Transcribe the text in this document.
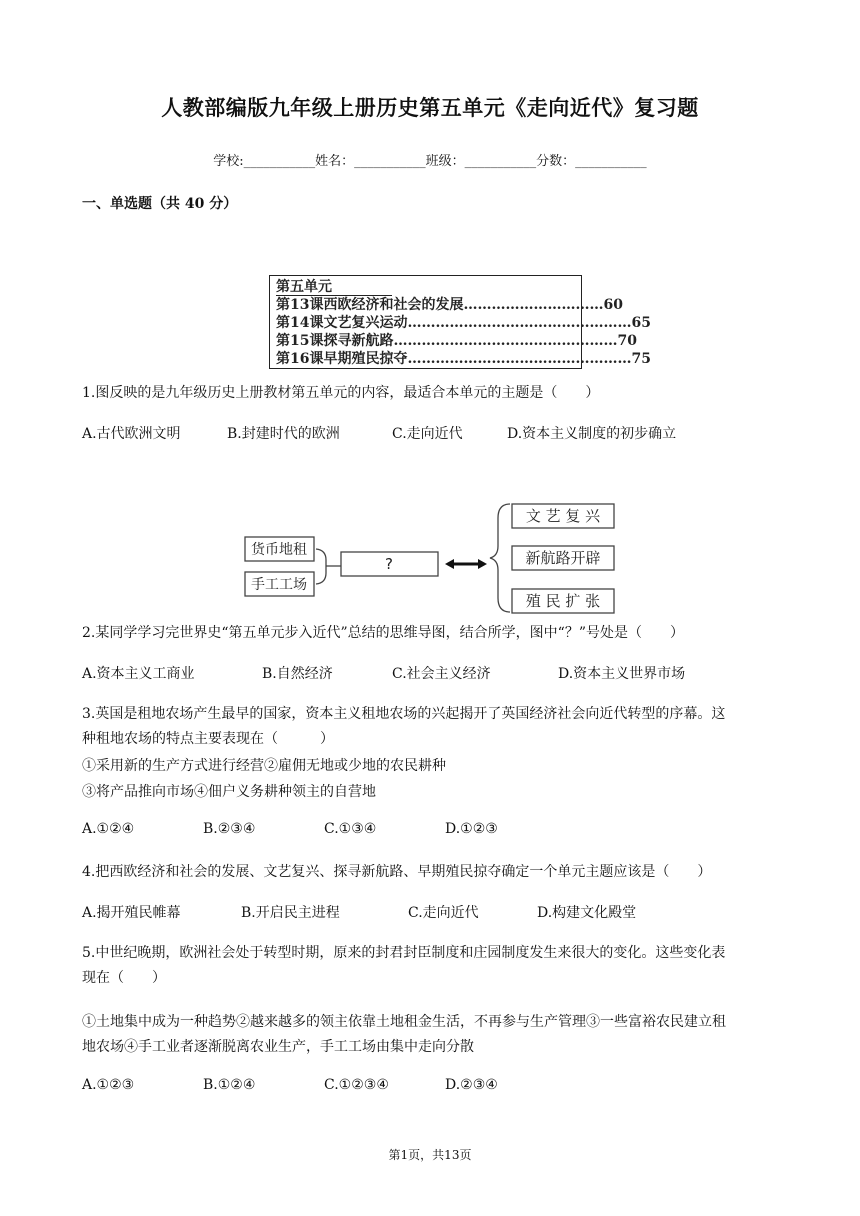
人教部编版九年级上册历史第五单元《走向近代》复习题
学校:___________姓名：___________班级：___________分数：___________
一、单选题（共 40 分）
第五单元
第13课 西欧经济和社会的发展………………………… 60
第14课 文艺复兴运动………………………………………… 65
第15课 探寻新航路………………………………………… 70
第16课 早期殖民掠夺………………………………………… 75
1.图反映的是九年级历史上册教材第五单元的内容，最适合本单元的主题是（　　）
A.古代欧洲文明	B.封建时代的欧洲	C.走向近代	D.资本主义制度的初步确立
货币地租
手工工场
?
文 艺 复 兴
新航路开辟
殖 民 扩 张
2.某同学学习完世界史“第五单元步入近代”总结的思维导图，结合所学，图中“？”号处是（　　）
A.资本主义工商业	B.自然经济	C.社会主义经济	D.资本主义世界市场
3.英国是租地农场产生最早的国家，资本主义租地农场的兴起揭开了英国经济社会向近代转型的序幕。这
种租地农场的特点主要表现在（　　　）
①采用新的生产方式进行经营②雇佣无地或少地的农民耕种
③将产品推向市场④佃户义务耕种领主的自营地
A.①②④	B.②③④	C.①③④	D.①②③
4.把西欧经济和社会的发展、文艺复兴、探寻新航路、早期殖民掠夺确定一个单元主题应该是（　　）
A.揭开殖民帷幕	B.开启民主进程	C.走向近代	D.构建文化殿堂
5.中世纪晚期，欧洲社会处于转型时期，原来的封君封臣制度和庄园制度发生来很大的变化。这些变化表
现在（　　）
①土地集中成为一种趋势②越来越多的领主依靠土地租金生活，不再参与生产管理③一些富裕农民建立租
地农场④手工业者逐渐脱离农业生产，手工工场由集中走向分散
A.①②③	B.①②④	C.①②③④	D.②③④
第1页，共13页
